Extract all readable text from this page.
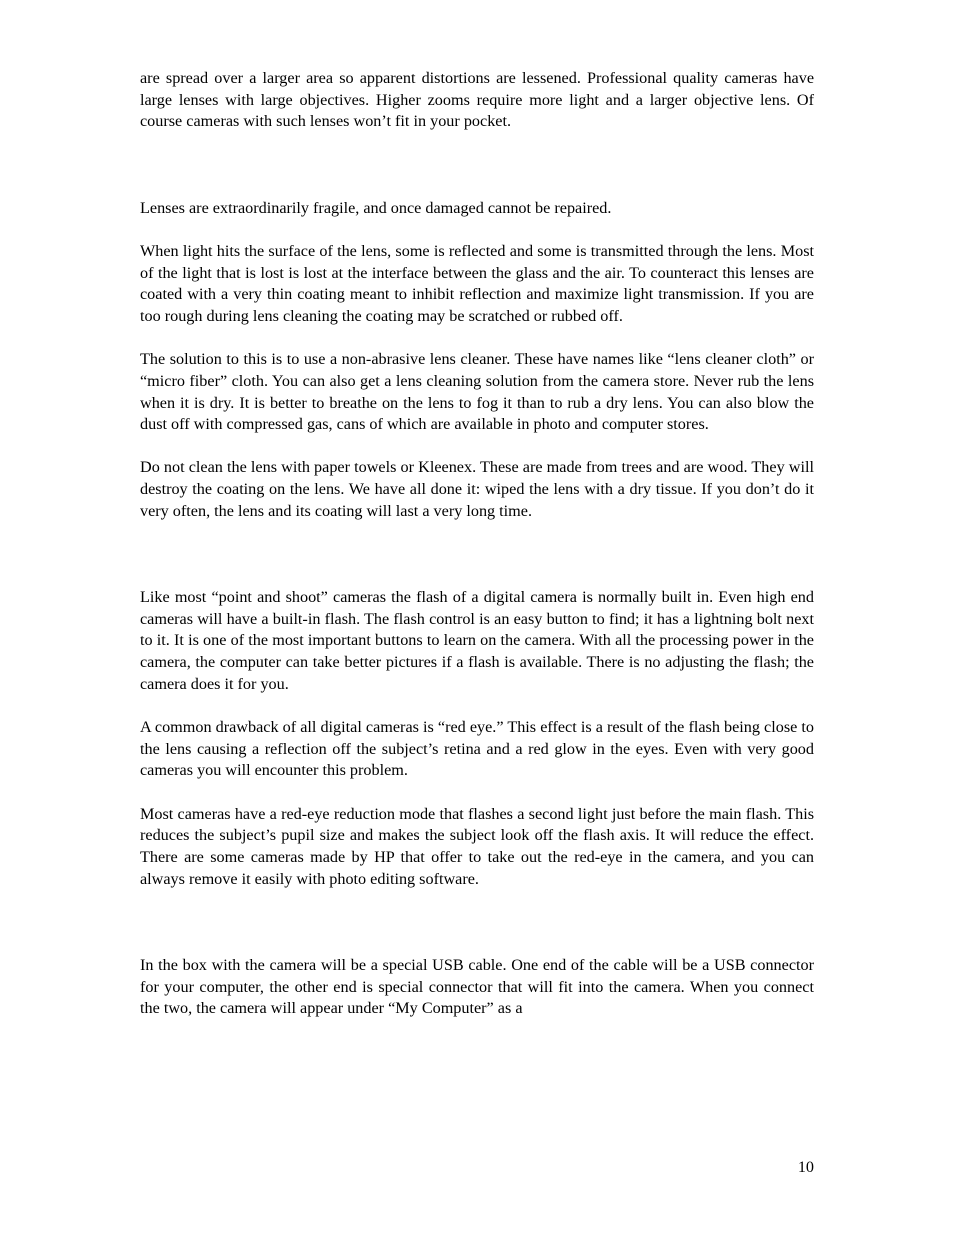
are spread over a larger area so apparent distortions are lessened. Professional quality cameras have large lenses with large objectives. Higher zooms require more light and a larger objective lens. Of course cameras with such lenses won’t fit in your pocket.

Lenses are extraordinarily fragile, and once damaged cannot be repaired.

When light hits the surface of the lens, some is reflected and some is transmitted through the lens. Most of the light that is lost is lost at the interface between the glass and the air. To counteract this lenses are coated with a very thin coating meant to inhibit reflection and maximize light transmission. If you are too rough during lens cleaning the coating may be scratched or rubbed off.

The solution to this is to use a non-abrasive lens cleaner. These have names like “lens cleaner cloth” or “micro fiber” cloth. You can also get a lens cleaning solution from the camera store. Never rub the lens when it is dry. It is better to breathe on the lens to fog it than to rub a dry lens. You can also blow the dust off with compressed gas, cans of which are available in photo and computer stores.

Do not clean the lens with paper towels or Kleenex. These are made from trees and are wood. They will destroy the coating on the lens. We have all done it: wiped the lens with a dry tissue. If you don’t do it very often, the lens and its coating will last a very long time.

Like most “point and shoot” cameras the flash of a digital camera is normally built in. Even high end cameras will have a built-in flash. The flash control is an easy button to find; it has a lightning bolt next to it. It is one of the most important buttons to learn on the camera. With all the processing power in the camera, the computer can take better pictures if a flash is available. There is no adjusting the flash; the camera does it for you.

A common drawback of all digital cameras is “red eye.” This effect is a result of the flash being close to the lens causing a reflection off the subject’s retina and a red glow in the eyes. Even with very good cameras you will encounter this problem.

Most cameras have a red-eye reduction mode that flashes a second light just before the main flash. This reduces the subject’s pupil size and makes the subject look off the flash axis. It will reduce the effect. There are some cameras made by HP that offer to take out the red-eye in the camera, and you can always remove it easily with photo editing software.

In the box with the camera will be a special USB cable. One end of the cable will be a USB connector for your computer, the other end is special connector that will fit into the camera. When you connect the two, the camera will appear under “My Computer” as a

10
